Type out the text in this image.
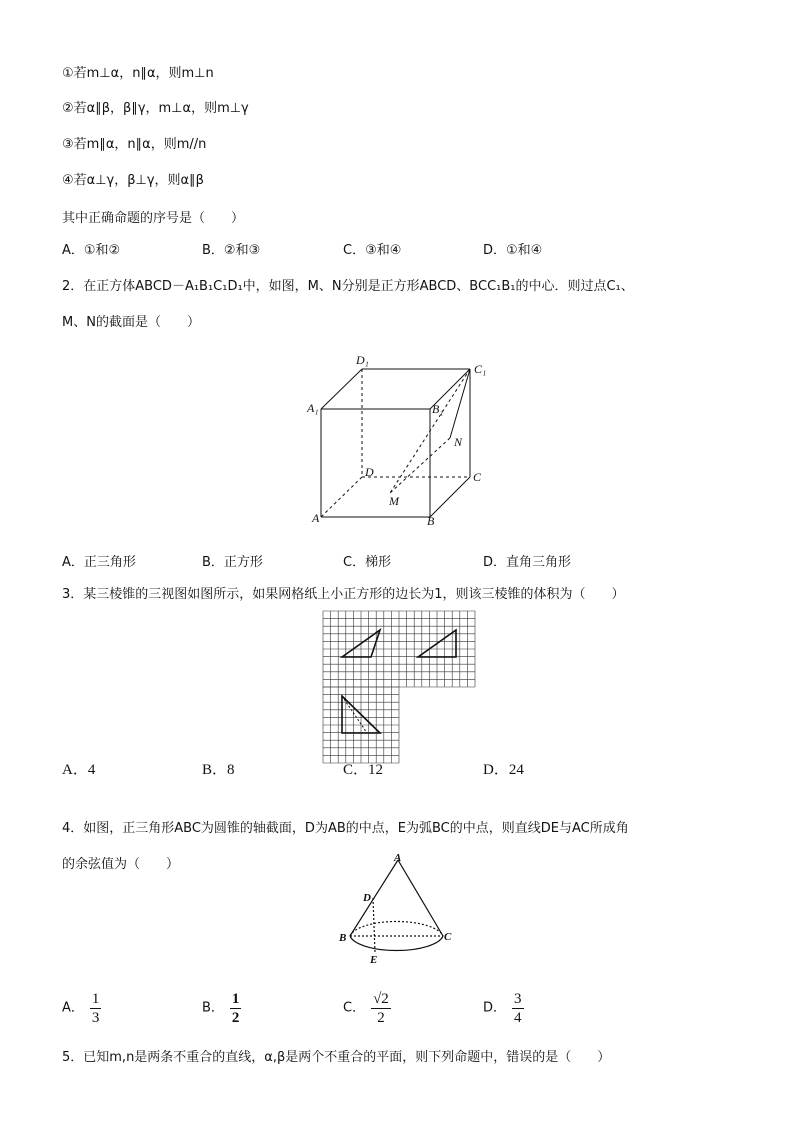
①若m⊥α，n∥α，则m⊥n
②若α∥β，β∥γ，m⊥α，则m⊥γ
③若m∥α，n∥α，则m//n
④若α⊥γ，β⊥γ，则α∥β
其中正确命题的序号是（　　）
A．①和②	B．②和③	C．③和④	D．①和④
2．在正方体ABCD－A₁B₁C₁D₁中，如图，M、N分别是正方形ABCD、BCC₁B₁的中心．则过点C₁、
M、N的截面是（　　）
D₁
C₁
A₁	B₁
N
D	C
M
A	B
A．正三角形	B．正方形	C．梯形	D．直角三角形
3．某三棱锥的三视图如图所示，如果网格纸上小正方形的边长为1，则该三棱锥的体积为（　　）
A．4	B．8	C．12	D．24
4．如图，正三角形ABC为圆锥的轴截面，D为AB的中点，E为弧BC的中点，则直线DE与AC所成角
的余弦值为（　　）	A
D
B	C
E
A． $\frac{1}{3}$	B． $\frac{1}{2}$	C． $\frac{√2}{2}$	D． $\frac{3}{4}$
5．已知m,n是两条不重合的直线，α,β是两个不重合的平面，则下列命题中，错误的是（　　）
